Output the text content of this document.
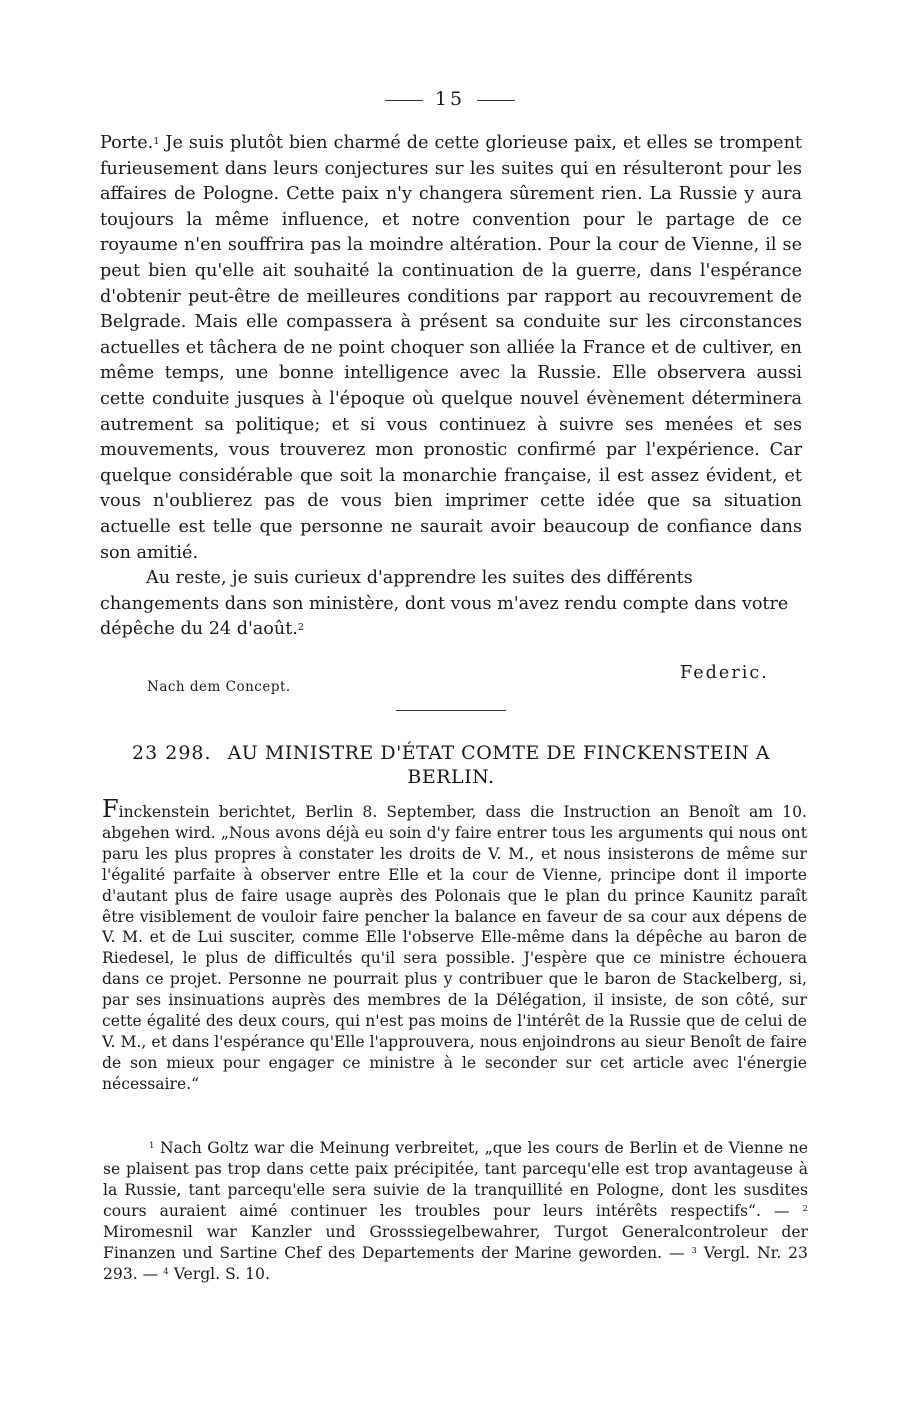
15

Porte.$^1$ Je suis plutôt bien charmé de cette glorieuse paix, et elles se trompent furieusement dans leurs conjectures sur les suites qui en résulteront pour les affaires de Pologne. Cette paix n'y changera sûrement rien. La Russie y aura toujours la même influence, et notre convention pour le partage de ce royaume n'en souffrira pas la moindre altération. Pour la cour de Vienne, il se peut bien qu'elle ait souhaité la continuation de la guerre, dans l'espérance d'obtenir peut-être de meilleures conditions par rapport au recouvrement de Belgrade. Mais elle compassera à présent sa conduite sur les circonstances actuelles et tâchera de ne point choquer son alliée la France et de cultiver, en même temps, une bonne intelligence avec la Russie. Elle observera aussi cette conduite jusques à l'époque où quelque nouvel évènement déterminera autrement sa politique; et si vous continuez à suivre ses menées et ses mouvements, vous trouverez mon pronostic confirmé par l'expérience. Car quelque considérable que soit la monarchie française, il est assez évident, et vous n'oublierez pas de vous bien imprimer cette idée que sa situation actuelle est telle que personne ne saurait avoir beaucoup de confiance dans son amitié.

Au reste, je suis curieux d'apprendre les suites des différents changements dans son ministère, dont vous m'avez rendu compte dans votre dépêche du 24 d'août.$^2$

Federic.
Nach dem Concept.
23 298. AU MINISTRE D'ÉTAT COMTE DE FINCKENSTEIN A BERLIN.
Finckenstein berichtet, Berlin 8. September, dass die Instruction an Benoît am 10. abgehen wird. „Nous avons déjà eu soin d'y faire entrer tous les arguments qui nous ont paru les plus propres à constater les droits de V. M., et nous insisterons de même sur l'égalité parfaite à observer entre Elle et la cour de Vienne, principe dont il importe d'autant plus de faire usage auprès des Polonais que le plan du prince Kaunitz paraît être visiblement de vouloir faire pencher la balance en faveur de sa cour aux dépens de V. M. et de Lui susciter, comme Elle l'observe Elle-même dans la dépêche au baron de Riedesel, le plus de difficultés qu'il sera possible. J'espère que ce ministre échouera dans ce projet. Personne ne pourrait plus y contribuer que le baron de Stackelberg, si, par ses insinuations auprès des membres de la Délégation, il insiste, de son côté, sur cette égalité des deux cours, qui n'est pas moins de l'intérêt de la Russie que de celui de V. M., et dans l'espérance qu'Elle l'approuvera, nous enjoindrons au sieur Benoît de faire de son mieux pour engager ce ministre à le seconder sur cet article avec l'énergie nécessaire.“
$^1$ Nach Goltz war die Meinung verbreitet, „que les cours de Berlin et de Vienne ne se plaisent pas trop dans cette paix précipitée, tant parcequ'elle est trop avantageuse à la Russie, tant parcequ'elle sera suivie de la tranquillité en Pologne, dont les susdites cours auraient aimé continuer les troubles pour leurs intérêts respectifs“. — $^2$ Miromesnil war Kanzler und Grosssiegelbewahrer, Turgot Generalcontroleur der Finanzen und Sartine Chef des Departements der Marine geworden. — $^3$ Vergl. Nr. 23 293. — $^4$ Vergl. S. 10.
